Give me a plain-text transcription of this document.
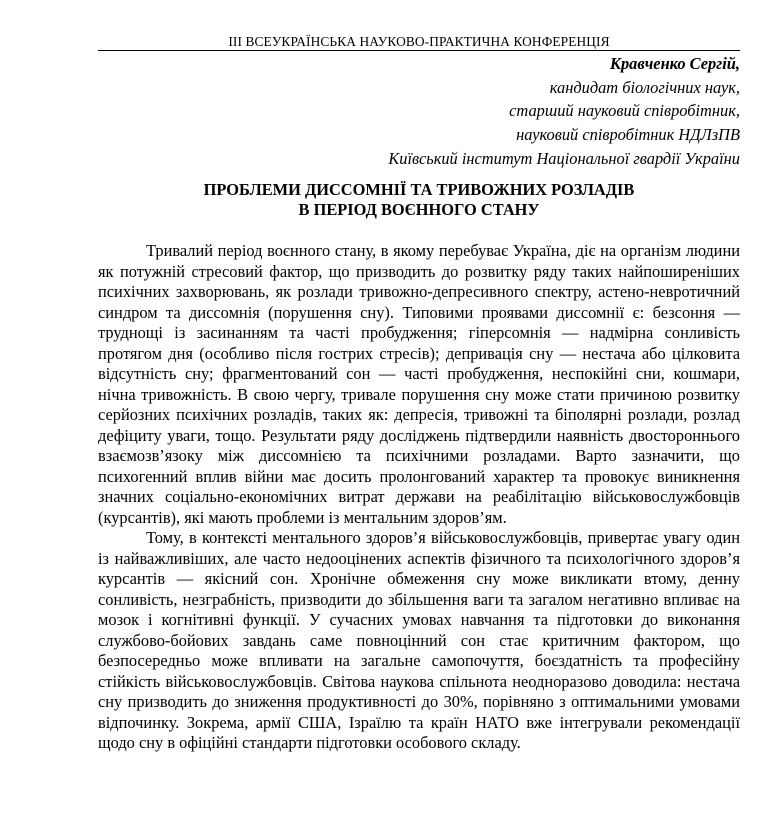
III ВСЕУКРАЇНСЬКА НАУКОВО-ПРАКТИЧНА КОНФЕРЕНЦІЯ
Кравченко Сергій,
кандидат біологічних наук,
старший науковий співробітник,
науковий співробітник НДЛзПВ
Київський інститут Національної гвардії України
ПРОБЛЕМИ ДИССОМНІЇ ТА ТРИВОЖНИХ РОЗЛАДІВ
В ПЕРІОД ВОЄННОГО СТАНУ

Тривалий період воєнного стану, в якому перебуває Україна, діє на організм людини як потужній стресовий фактор, що призводить до розвитку ряду таких найпоширеніших психічних захворювань, як розлади тривожно-депресивного спектру, астено-невротичний синдром та диссомнія (порушення сну). Типовими проявами диссомнії є: безсоння — труднощі із засинанням та часті пробудження; гіперсомнія — надмірна сонливість протягом дня (особливо після гострих стресів); депривація сну — нестача або цілковита відсутність сну; фрагментований сон — часті пробудження, неспокійні сни, кошмари, нічна тривожність. В свою чергу, тривале порушення сну може стати причиною розвитку серйозних психічних розладів, таких як: депресія, тривожні та біполярні розлади, розлад дефіциту уваги, тощо. Результати ряду досліджень підтвердили наявність двостороннього взаємозв’язоку між диссомнією та психічними розладами. Варто зазначити, що психогенний вплив війни має досить пролонгований характер та провокує виникнення значних соціально-економічних витрат держави на реабілітацію військовослужбовців (курсантів), які мають проблеми із ментальним здоров’ям.

Тому, в контексті ментального здоров’я військовослужбовців, привертає увагу один із найважливіших, але часто недооцінених аспектів фізичного та психологічного здоров’я курсантів — якісний сон. Хронічне обмеження сну може викликати втому, денну сонливість, незграбність, призводити до збільшення ваги та загалом негативно впливає на мозок і когнітивні функції. У сучасних умовах навчання та підготовки до виконання службово-бойових завдань саме повноцінний сон стає критичним фактором, що безпосередньо може впливати на загальне самопочуття, боєздатність та професійну стійкість військовослужбовців. Світова наукова спільнота неодноразово доводила: нестача сну призводить до зниження продуктивності до 30%, порівняно з оптимальними умовами відпочинку. Зокрема, армії США, Ізраїлю та країн НАТО вже інтегрували рекомендації щодо сну в офіційні стандарти підготовки особового складу.
